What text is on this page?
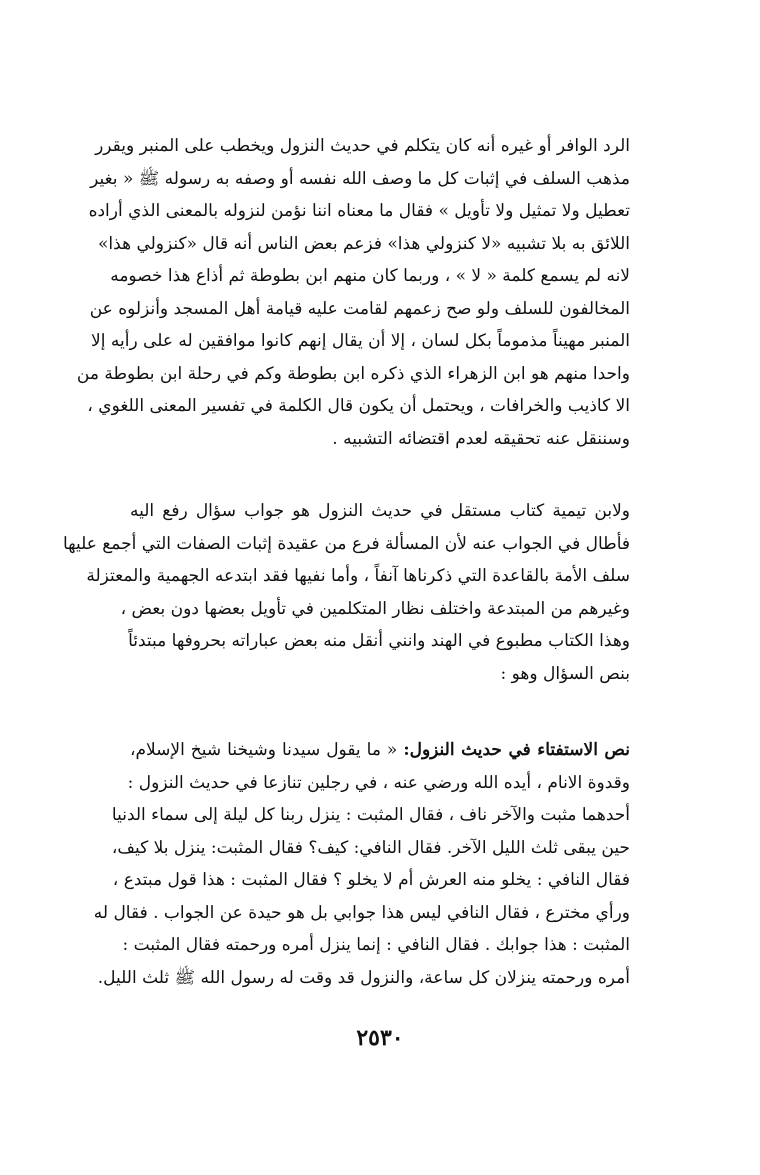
الرد الوافر أو غيره أنه كان يتكلم في حديث النزول ويخطب على المنبر ويقرر
مذهب السلف في إثبات كل ما وصف الله نفسه أو وصفه به رسوله ﷺ « بغير
تعطيل ولا تمثيل ولا تأويل » فقال ما معناه اننا نؤمن لنزوله بالمعنى الذي أراده
اللائق به بلا تشبيه «لا كنزولي هذا» فزعم بعض الناس أنه قال «كنزولي هذا»
لانه لم يسمع كلمة « لا » ، وربما كان منهم ابن بطوطة ثم أذاع هذا خصومه
المخالفون للسلف ولو صح زعمهم لقامت عليه قيامة أهل المسجد وأنزلوه عن
المنبر مهيناً مذموماً بكل لسان ، إلا أن يقال إنهم كانوا موافقين له على رأيه إلا
واحدا منهم هو ابن الزهراء الذي ذكره ابن بطوطة وكم في رحلة ابن بطوطة من
الا كاذيب والخرافات ، ويحتمل أن يكون قال الكلمة في تفسير المعنى اللغوي ،
وسننقل عنه تحقيقه لعدم اقتضائه التشبيه .
ولابن تيمية كتاب مستقل في حديث النزول هو جواب سؤال رفع اليه
فأطال في الجواب عنه لأن المسألة فرع من عقيدة إثبات الصفات التي أجمع عليها
سلف الأمة بالقاعدة التي ذكرناها آنفاً ، وأما نفيها فقد ابتدعه الجهمية والمعتزلة
وغيرهم من المبتدعة واختلف نظار المتكلمين في تأويل بعضها دون بعض ،
وهذا الكتاب مطبوع في الهند وانني أنقل منه بعض عباراته بحروفها مبتدئاً
بنص السؤال وهو :
نص الاستفتاء في حديث النزول: « ما يقول سيدنا وشيخنا شيخ الإسلام،
وقدوة الانام ، أيده الله ورضي عنه ، في رجلين تنازعا في حديث النزول :
أحدهما مثبت والآخر ناف ، فقال المثبت : ينزل ربنا كل ليلة إلى سماء الدنيا
حين يبقى ثلث الليل الآخر. فقال النافي: كيف؟ فقال المثبت: ينزل بلا كيف،
فقال النافي : يخلو منه العرش أم لا يخلو ؟ فقال المثبت : هذا قول مبتدع ،
ورأي مخترع ، فقال النافي ليس هذا جوابي بل هو حيدة عن الجواب . فقال له
المثبت : هذا جوابك . فقال النافي : إنما ينزل أمره ورحمته فقال المثبت :
أمره ورحمته ينزلان كل ساعة، والنزول قد وقت له رسول الله ﷺ ثلث الليل.
٢٥٣٠
